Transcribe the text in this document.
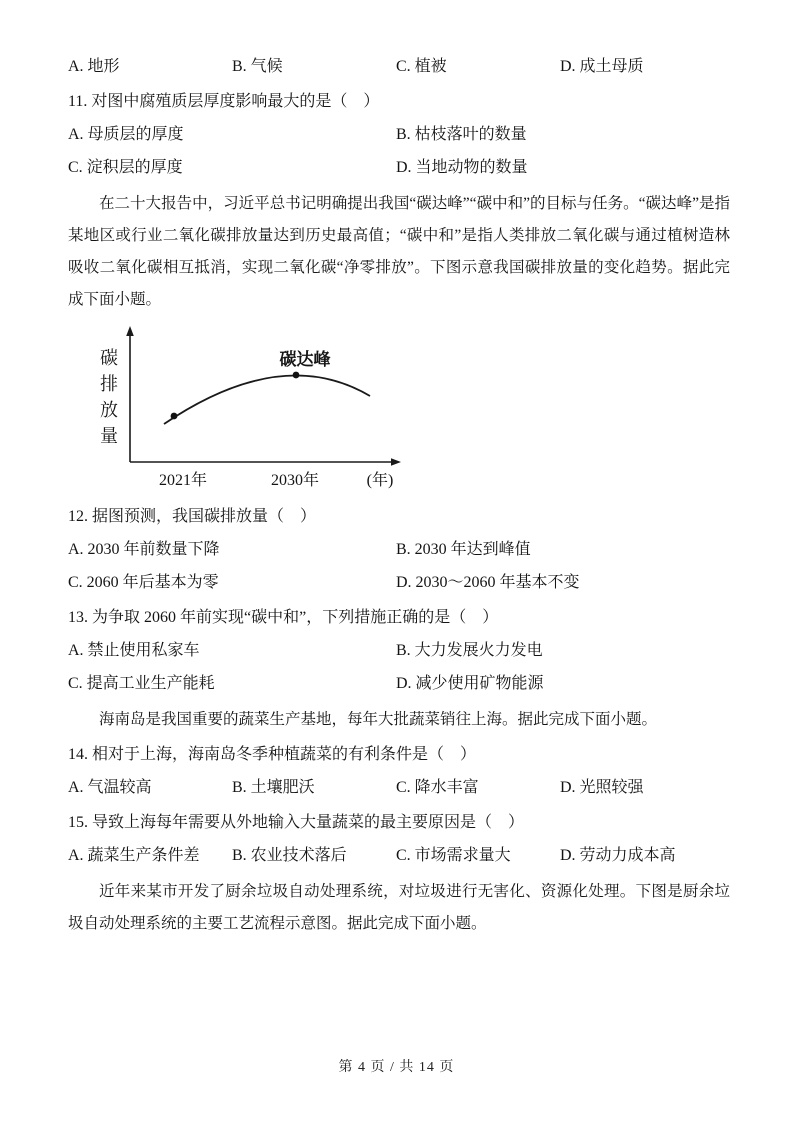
A. 地形	B. 气候	C. 植被	D. 成土母质
11. 对图中腐殖质层厚度影响最大的是（　）
A. 母质层的厚度	B. 枯枝落叶的数量
C. 淀积层的厚度	D. 当地动物的数量

在二十大报告中，习近平总书记明确提出我国“碳达峰”“碳中和”的目标与任务。“碳达峰”是指某地区或行业二氧化碳排放量达到历史最高值；“碳中和”是指人类排放二氧化碳与通过植树造林吸收二氧化碳相互抵消，实现二氧化碳“净零排放”。下图示意我国碳排放量的变化趋势。据此完成下面小题。

碳排放量	碳达峰
2021年	2030年	(年)
12. 据图预测，我国碳排放量（　）
A. 2030 年前数量下降	B. 2030 年达到峰值
C. 2060 年后基本为零	D. 2030～2060 年基本不变
13. 为争取 2060 年前实现“碳中和”，下列措施正确的是（　）
A. 禁止使用私家车	B. 大力发展火力发电
C. 提高工业生产能耗	D. 减少使用矿物能源

海南岛是我国重要的蔬菜生产基地，每年大批蔬菜销往上海。据此完成下面小题。

14. 相对于上海，海南岛冬季种植蔬菜的有利条件是（　）
A. 气温较高	B. 土壤肥沃	C. 降水丰富	D. 光照较强
15. 导致上海每年需要从外地输入大量蔬菜的最主要原因是（　）
A. 蔬菜生产条件差	B. 农业技术落后	C. 市场需求量大	D. 劳动力成本高

近年来某市开发了厨余垃圾自动处理系统，对垃圾进行无害化、资源化处理。下图是厨余垃圾自动处理系统的主要工艺流程示意图。据此完成下面小题。

第 4 页 / 共 14 页
